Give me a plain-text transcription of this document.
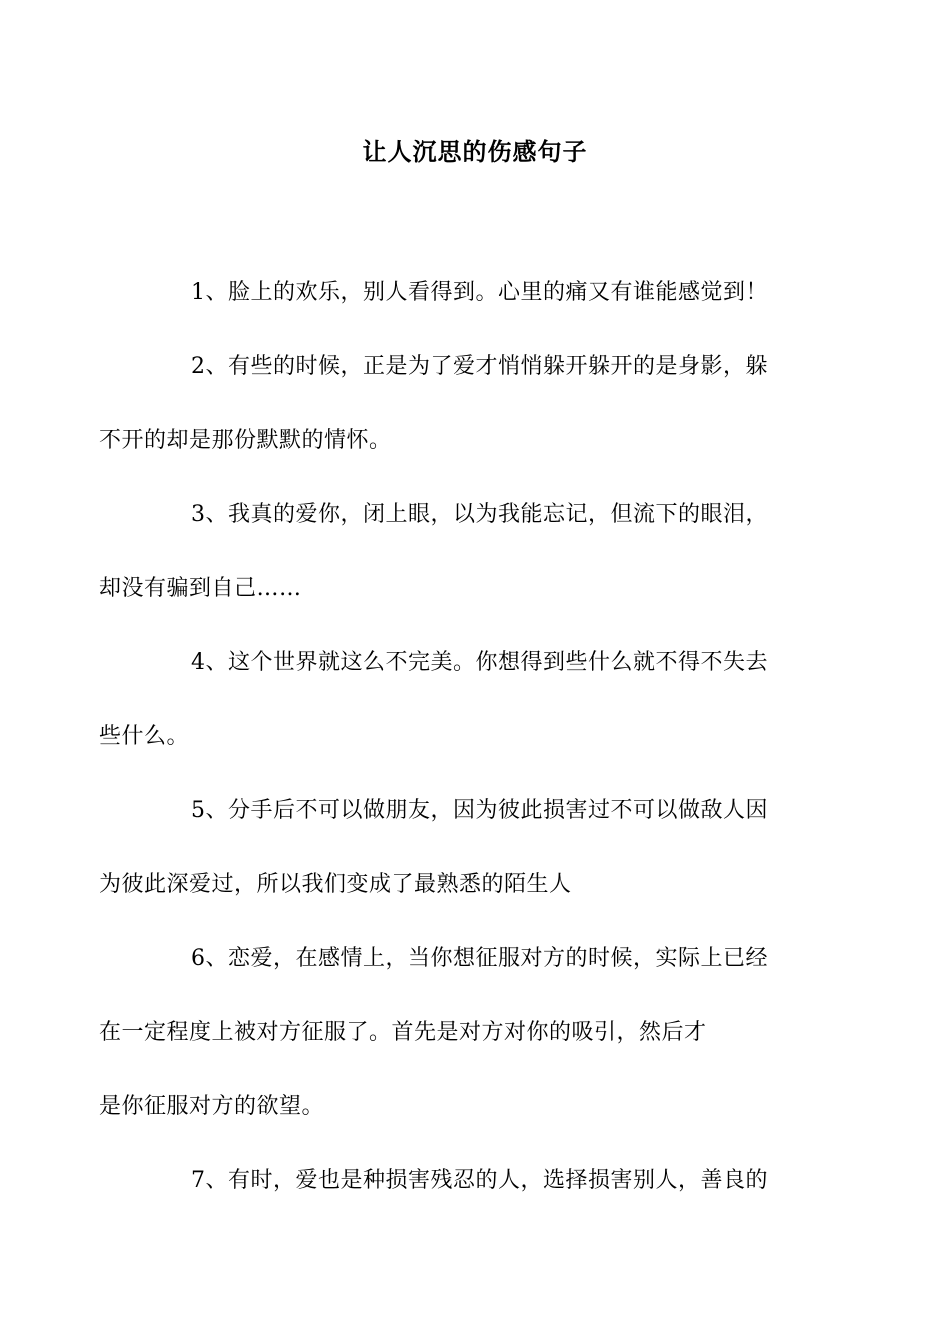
让人沉思的伤感句子

1、脸上的欢乐，别人看得到。心里的痛又有谁能感觉到！

2、有些的时候，正是为了爱才悄悄躲开躲开的是身影，躲
不开的却是那份默默的情怀。

3、我真的爱你，闭上眼，以为我能忘记，但流下的眼泪，
却没有骗到自己……

4、这个世界就这么不完美。你想得到些什么就不得不失去
些什么。

5、分手后不可以做朋友，因为彼此损害过不可以做敌人因
为彼此深爱过，所以我们变成了最熟悉的陌生人

6、恋爱，在感情上，当你想征服对方的时候，实际上已经
在一定程度上被对方征服了。首先是对方对你的吸引，然后才
是你征服对方的欲望。

7、有时，爱也是种损害残忍的人，选择损害别人，善良的
